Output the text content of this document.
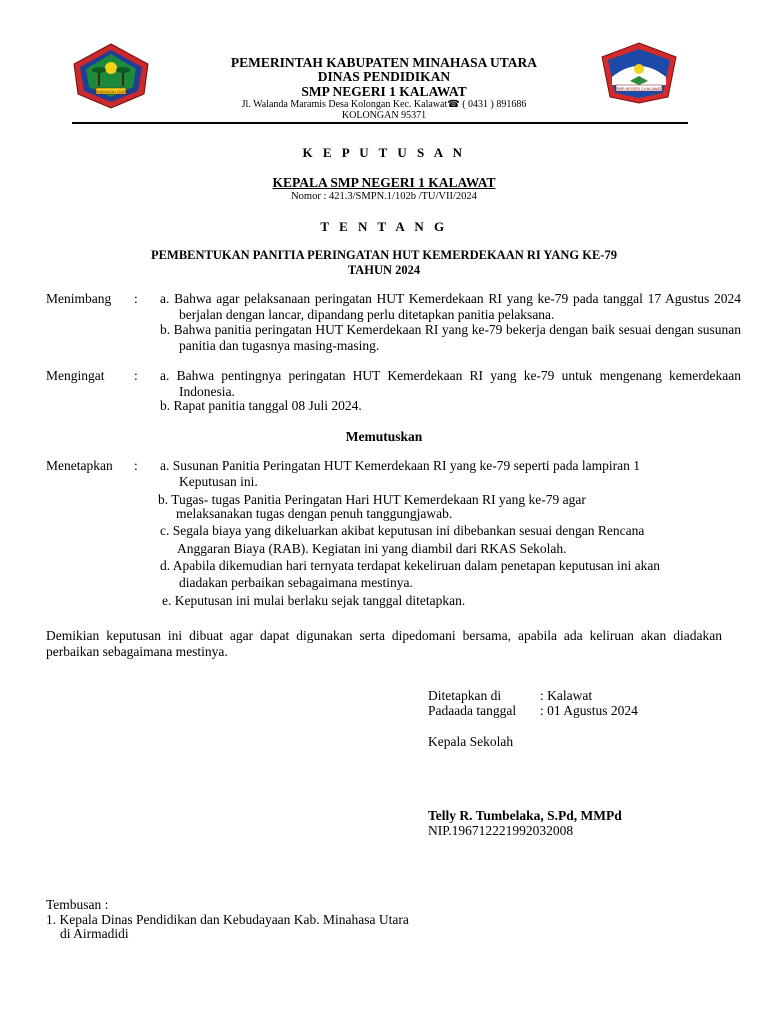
MINAHASA UTARA	SMP NEGERI 1 KALAWAT
PEMERINTAH KABUPATEN MINAHASA UTARA
DINAS PENDIDIKAN
SMP NEGERI 1 KALAWAT
Jl. Walanda Maramis Desa Kolongan Kec. Kalawat☎ ( 0431 ) 891686
KOLONGAN 95371
K E P U T U S A N
KEPALA SMP NEGERI 1 KALAWAT
Nomor : 421.3/SMPN.1/102b /TU/VII/2024
T E N T A N G
PEMBENTUKAN PANITIA PERINGATAN HUT KEMERDEKAAN RI YANG KE-79
TAHUN 2024
Menimbang : a. Bahwa agar pelaksanaan peringatan HUT Kemerdekaan RI yang ke-79 pada tanggal 17 Agustus 2024 berjalan dengan lancar, dipandang perlu ditetapkan panitia pelaksana.
b. Bahwa panitia peringatan HUT Kemerdekaan RI yang ke-79 bekerja dengan baik sesuai dengan susunan panitia dan tugasnya masing-masing.
Mengingat : a. Bahwa pentingnya peringatan HUT Kemerdekaan RI yang ke-79 untuk mengenang kemerdekaan Indonesia.
b. Rapat panitia tanggal 08 Juli 2024.
Memutuskan
Menetapkan : a. Susunan Panitia Peringatan HUT Kemerdekaan RI yang ke-79 seperti pada lampiran 1
Keputusan ini.
b. Tugas- tugas Panitia Peringatan Hari HUT Kemerdekaan RI yang ke-79 agar
melaksanakan tugas dengan penuh tanggungjawab.
c. Segala biaya yang dikeluarkan akibat keputusan ini dibebankan sesuai dengan Rencana
Anggaran Biaya (RAB). Kegiatan ini yang diambil dari RKAS Sekolah.
d. Apabila dikemudian hari ternyata terdapat kekeliruan dalam penetapan keputusan ini akan
diadakan perbaikan sebagaimana mestinya.
e. Keputusan ini mulai berlaku sejak tanggal ditetapkan.
Demikian keputusan ini dibuat agar dapat digunakan serta dipedomani bersama, apabila ada keliruan akan diadakan perbaikan sebagaimana mestinya.
Ditetapkan di	: Kalawat
Padaada tanggal : 01 Agustus 2024
Kepala Sekolah
Telly R. Tumbelaka, S.Pd, MMPd
NIP.196712221992032008
Tembusan :
1. Kepala Dinas Pendidikan dan Kebudayaan Kab. Minahasa Utara
di Airmadidi
